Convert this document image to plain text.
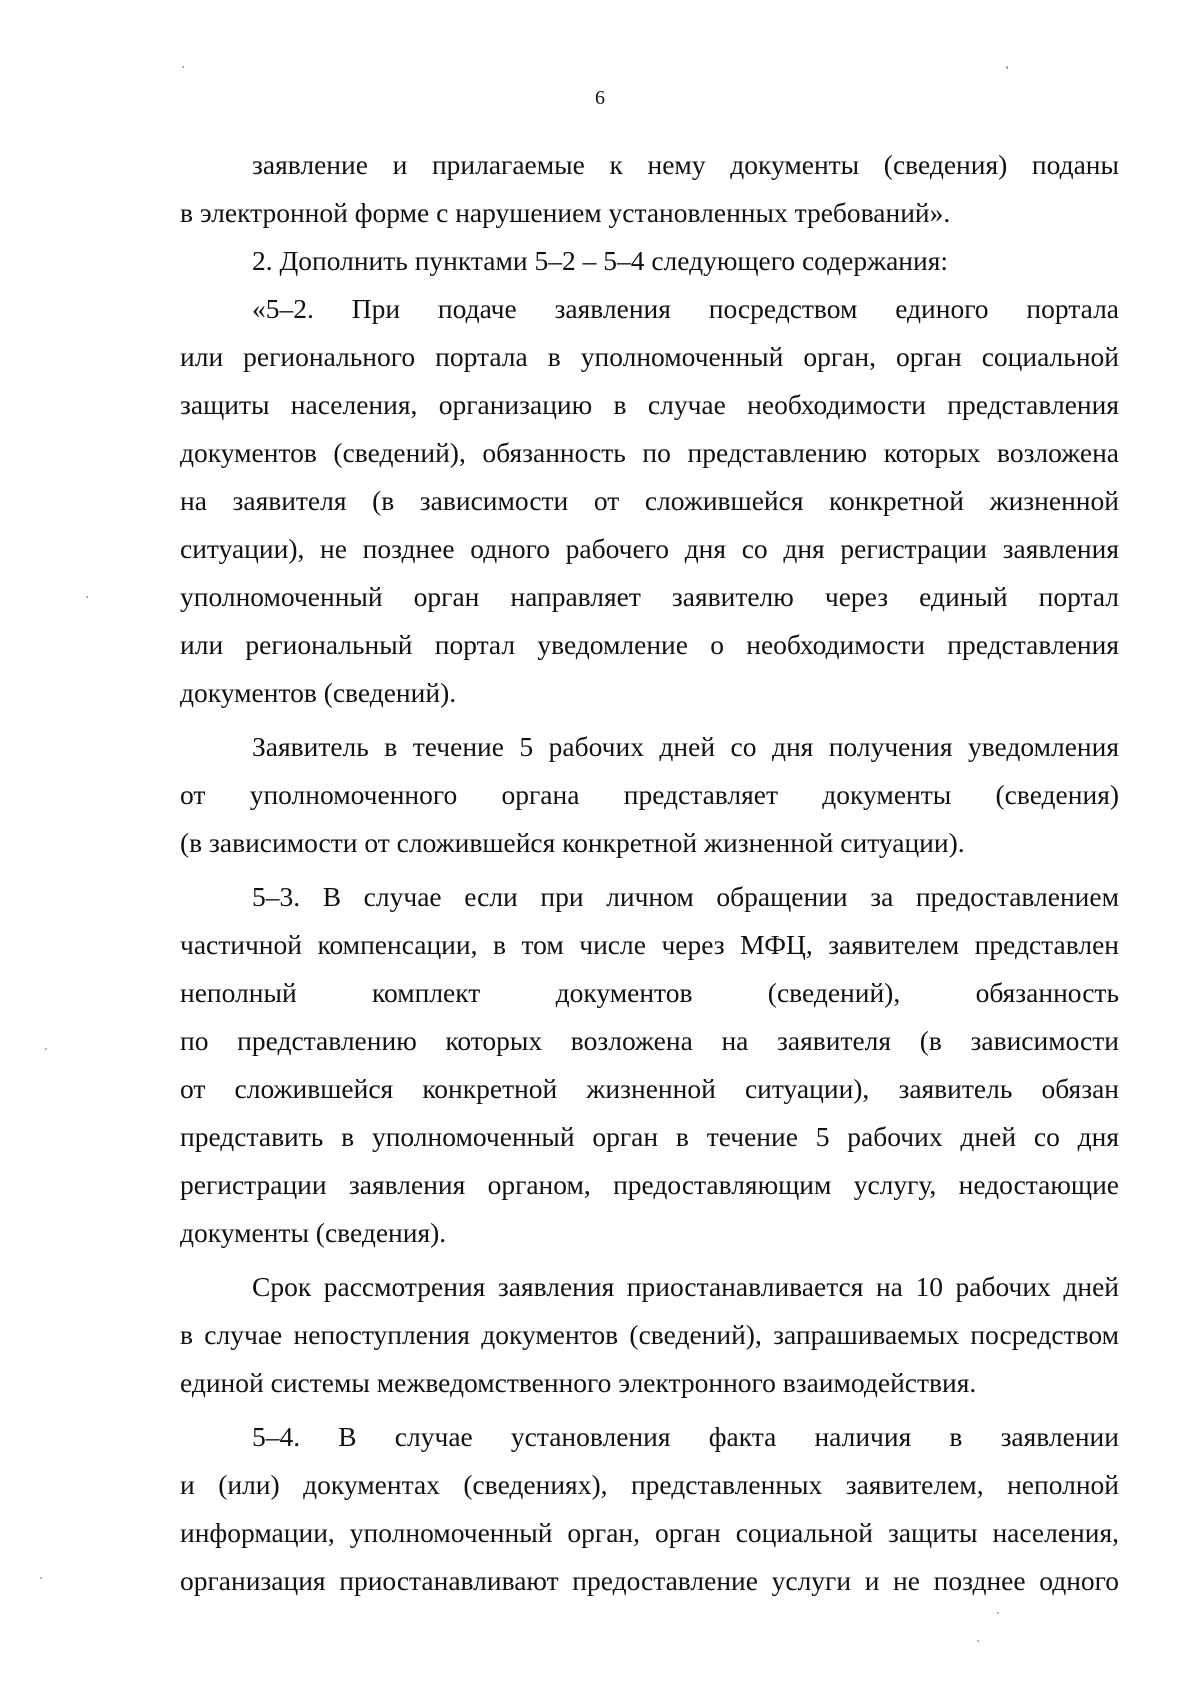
6
заявление и прилагаемые к нему документы (сведения) поданы
в электронной форме с нарушением установленных требований».
2. Дополнить пунктами 5–2 – 5–4 следующего содержания:
«5–2. При подаче заявления посредством единого портала
или регионального портала в уполномоченный орган, орган социальной
защиты населения, организацию в случае необходимости представления
документов (сведений), обязанность по представлению которых возложена
на заявителя (в зависимости от сложившейся конкретной жизненной
ситуации), не позднее одного рабочего дня со дня регистрации заявления
уполномоченный орган направляет заявителю через единый портал
или региональный портал уведомление о необходимости представления
документов (сведений).
Заявитель в течение 5 рабочих дней со дня получения уведомления
от уполномоченного органа представляет документы (сведения)
(в зависимости от сложившейся конкретной жизненной ситуации).
5–3. В случае если при личном обращении за предоставлением
частичной компенсации, в том числе через МФЦ, заявителем представлен
неполный комплект документов (сведений), обязанность
по представлению которых возложена на заявителя (в зависимости
от сложившейся конкретной жизненной ситуации), заявитель обязан
представить в уполномоченный орган в течение 5 рабочих дней со дня
регистрации заявления органом, предоставляющим услугу, недостающие
документы (сведения).
Срок рассмотрения заявления приостанавливается на 10 рабочих дней
в случае непоступления документов (сведений), запрашиваемых посредством
единой системы межведомственного электронного взаимодействия.
5–4. В случае установления факта наличия в заявлении
и (или) документах (сведениях), представленных заявителем, неполной
информации, уполномоченный орган, орган социальной защиты населения,
организация приостанавливают предоставление услуги и не позднее одного
